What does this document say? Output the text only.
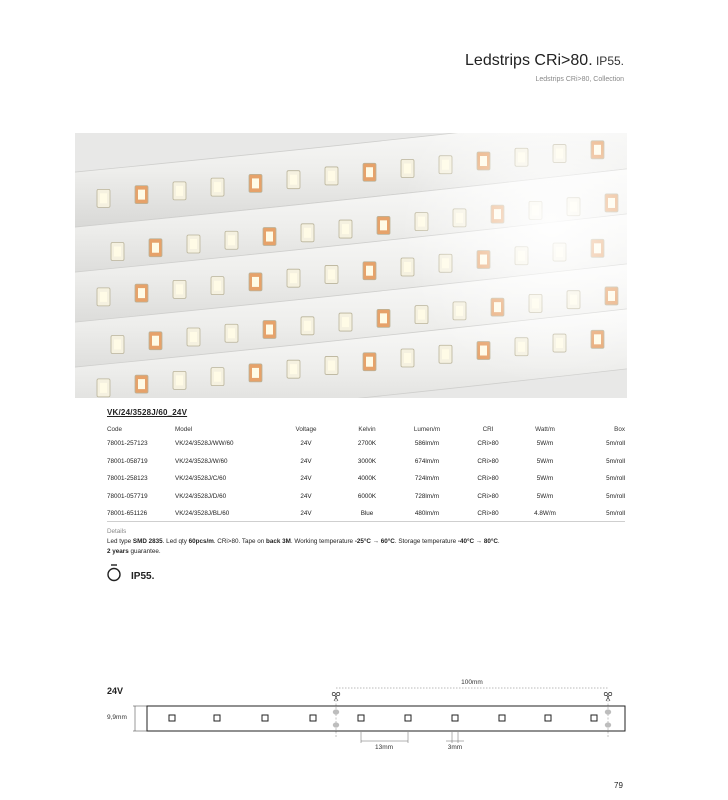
Ledstrips CRi>80. IP55.
Ledstrips CRi>80, Collection
VK/24/3528J/60_24V
Code	Model	Voltage	Kelvin	Lumen/m	CRI	Watt/m	Box
78001-257123	VK/24/3528J/WW/60	24V	2700K	586lm/m	CRi>80	5W/m	5m/roll
78001-058719	VK/24/3528J/W/60	24V	3000K	674lm/m	CRi>80	5W/m	5m/roll
78001-258123	VK/24/3528J/C/60	24V	4000K	724lm/m	CRi>80	5W/m	5m/roll
78001-057719	VK/24/3528J/D/60	24V	6000K	728lm/m	CRi>80	5W/m	5m/roll
78001-651126	VK/24/3528J/BL/60	24V	Blue	480lm/m	CRi>80	4.8W/m	5m/roll
Details
Led type SMD 2835. Led qty 60pcs/m. CRi>80. Tape on back 3M. Working temperature -25°C → 60°C. Storage temperature -40°C → 80°C.
2 years guarantee.
IP55.
24V
9,9mm
100mm
13mm	3mm
79
